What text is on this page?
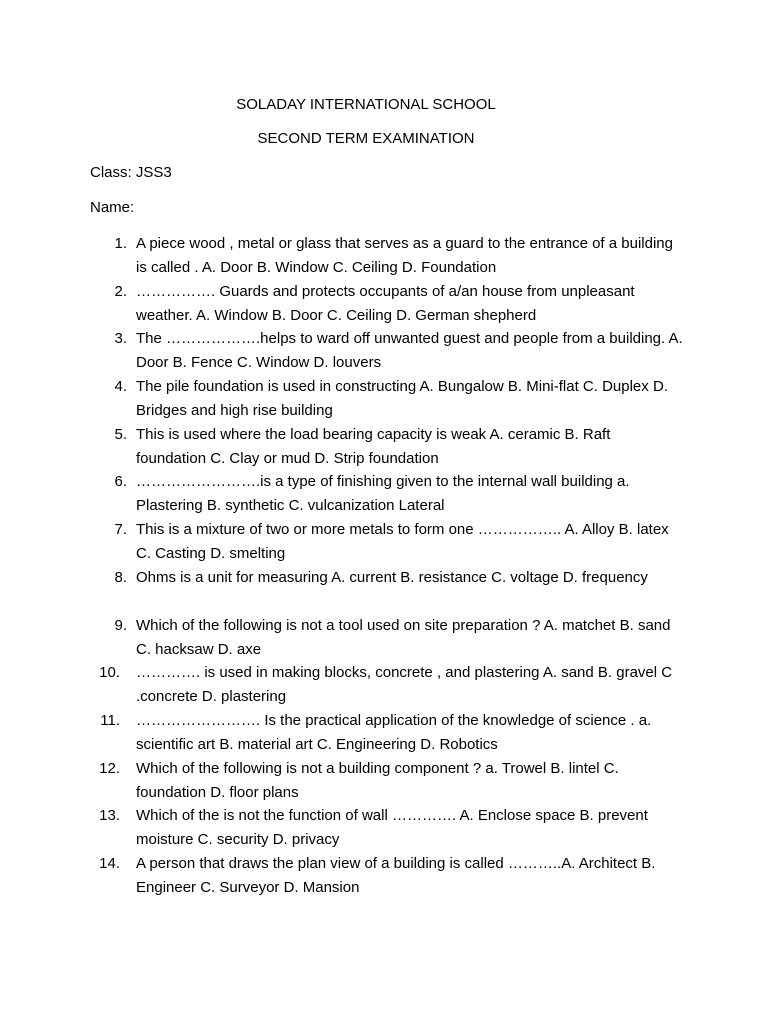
SOLADAY INTERNATIONAL SCHOOL
SECOND TERM EXAMINATION
Class: JSS3
Name:
1. A piece wood , metal or glass that serves as a guard to the entrance of a building is called . A. Door B. Window C. Ceiling D. Foundation
2. ……………. Guards and protects occupants of a/an house from unpleasant weather. A. Window B. Door C. Ceiling D. German shepherd
3. The ……………….helps to ward off unwanted guest and people from a building. A. Door B. Fence C. Window D. louvers
4. The pile foundation is used in constructing A. Bungalow B. Mini-flat C. Duplex D. Bridges and high rise building
5. This is used where the load bearing capacity is weak A. ceramic B. Raft foundation C. Clay or mud D. Strip foundation
6. …………………….is a type of finishing given to the internal wall building a. Plastering B. synthetic C. vulcanization Lateral
7. This is a mixture of two or more metals to form one …………….. A. Alloy B. latex C. Casting D. smelting
8. Ohms is a unit for measuring A. current B. resistance C. voltage D. frequency
9. Which of the following is not a tool used on site preparation ? A. matchet B. sand C. hacksaw D. axe
10. …………. is used in making blocks, concrete , and plastering A. sand B. gravel C .concrete D. plastering
11. ……………………. Is the practical application of the knowledge of science . a. scientific art B. material art C. Engineering D. Robotics
12. Which of the following is not a building component ? a. Trowel B. lintel C. foundation D. floor plans
13. Which of the is not the function of wall …………. A. Enclose space B. prevent moisture C. security D. privacy
14. A person that draws the plan view of a building is called ………..A. Architect B. Engineer C. Surveyor D. Mansion
